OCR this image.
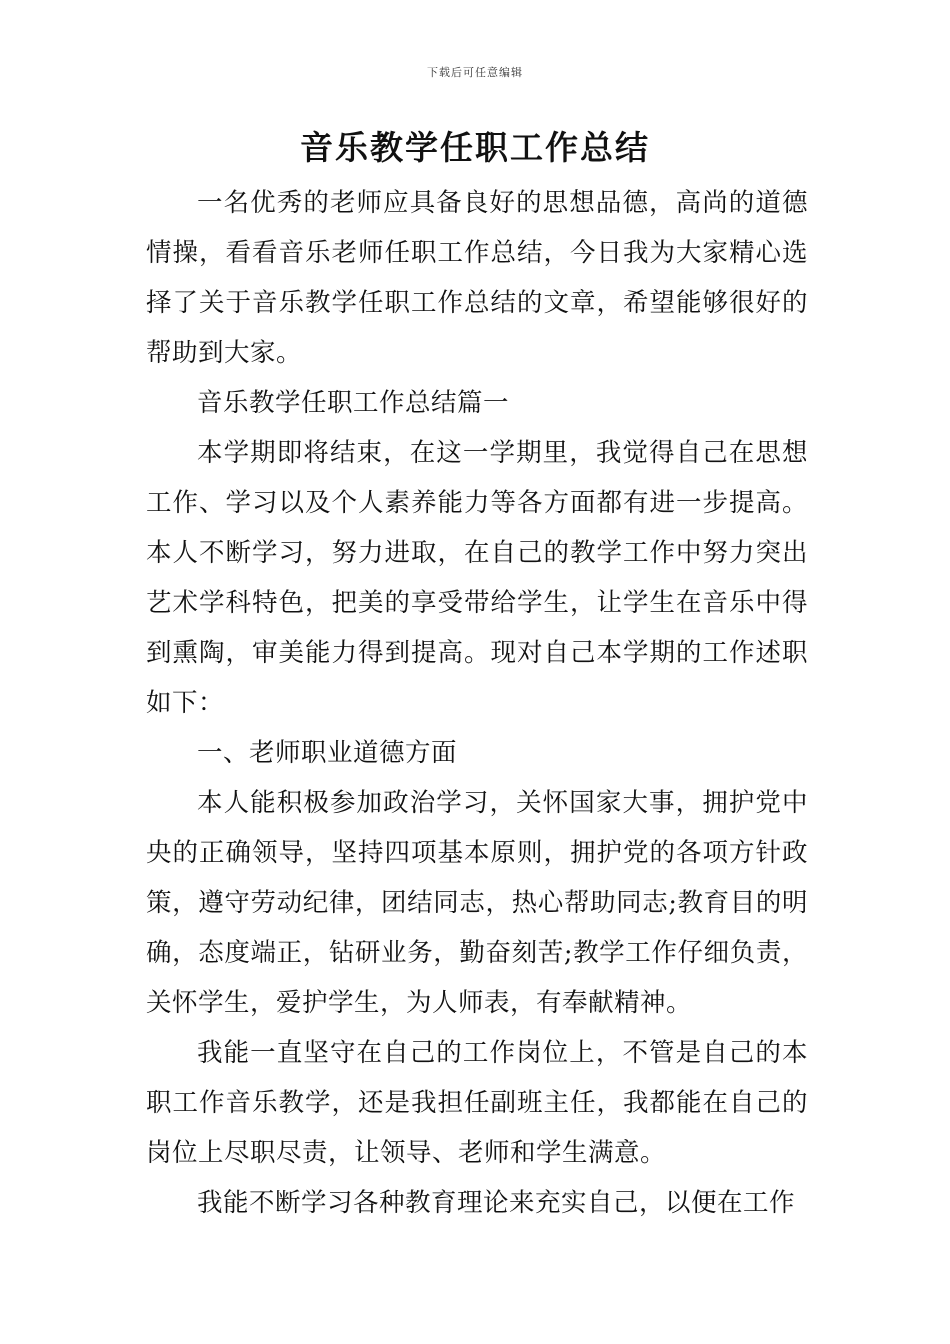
下载后可任意编辑
音乐教学任职工作总结

一名优秀的老师应具备良好的思想品德，高尚的道德情操，看看音乐老师任职工作总结，今日我为大家精心选择了关于音乐教学任职工作总结的文章，希望能够很好的帮助到大家。

音乐教学任职工作总结篇一

本学期即将结束，在这一学期里，我觉得自己在思想工作、学习以及个人素养能力等各方面都有进一步提高。本人不断学习，努力进取，在自己的教学工作中努力突出艺术学科特色，把美的享受带给学生，让学生在音乐中得到熏陶，审美能力得到提高。现对自己本学期的工作述职如下：

一、老师职业道德方面

本人能积极参加政治学习，关怀国家大事，拥护党中央的正确领导，坚持四项基本原则，拥护党的各项方针政策，遵守劳动纪律，团结同志，热心帮助同志;教育目的明确，态度端正，钻研业务，勤奋刻苦;教学工作仔细负责，关怀学生，爱护学生，为人师表，有奉献精神。

我能一直坚守在自己的工作岗位上，不管是自己的本职工作音乐教学，还是我担任副班主任，我都能在自己的岗位上尽职尽责，让领导、老师和学生满意。

我能不断学习各种教育理论来充实自己，以便在工作
